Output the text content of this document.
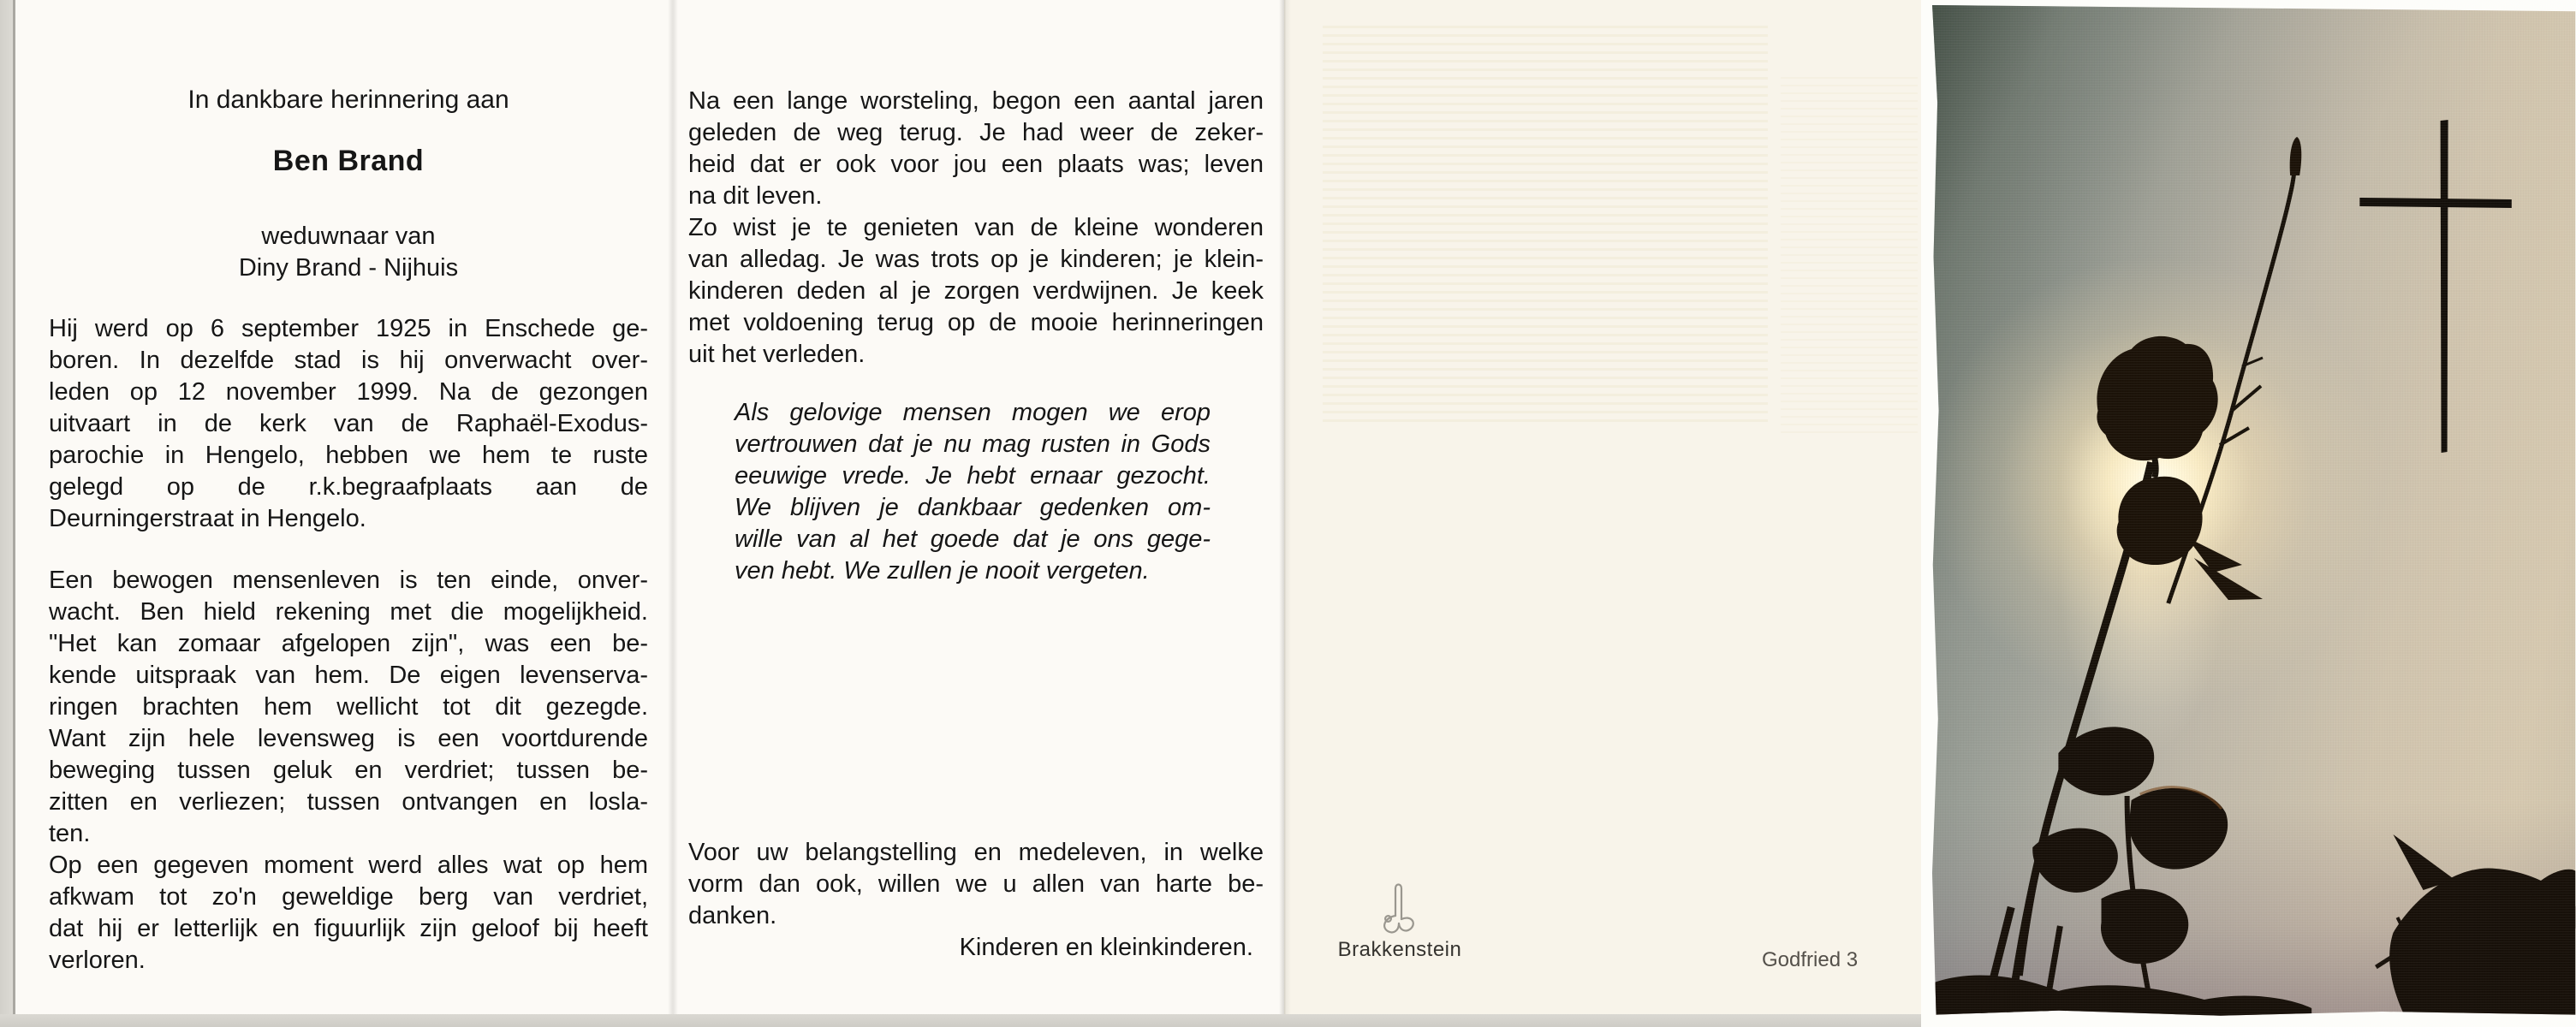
In dankbare herinnering aan
Ben Brand
weduwnaar van
Diny Brand - Nijhuis
Hij werd op 6 september 1925 in Enschede ge-
boren. In dezelfde stad is hij onverwacht over-
leden op 12 november 1999. Na de gezongen
uitvaart in de kerk van de Raphaël-Exodus-
parochie in Hengelo, hebben we hem te ruste
gelegd op de r.k.begraafplaats aan de
Deurningerstraat in Hengelo.
Een bewogen mensenleven is ten einde, onver-
wacht. Ben hield rekening met die mogelijkheid.
"Het kan zomaar afgelopen zijn", was een be-
kende uitspraak van hem. De eigen levenserva-
ringen brachten hem wellicht tot dit gezegde.
Want zijn hele levensweg is een voortdurende
beweging tussen geluk en verdriet; tussen be-
zitten en verliezen; tussen ontvangen en losla-
ten.
Op een gegeven moment werd alles wat op hem
afkwam tot zo'n geweldige berg van verdriet,
dat hij er letterlijk en figuurlijk zijn geloof bij heeft
verloren.
Na een lange worsteling, begon een aantal jaren
geleden de weg terug. Je had weer de zeker-
heid dat er ook voor jou een plaats was; leven
na dit leven.
Zo wist je te genieten van de kleine wonderen
van alledag. Je was trots op je kinderen; je klein-
kinderen deden al je zorgen verdwijnen. Je keek
met voldoening terug op de mooie herinneringen
uit het verleden.
Als gelovige mensen mogen we erop
vertrouwen dat je nu mag rusten in Gods
eeuwige vrede. Je hebt ernaar gezocht.
We blijven je dankbaar gedenken om-
wille van al het goede dat je ons gege-
ven hebt. We zullen je nooit vergeten.
Voor uw belangstelling en medeleven, in welke
vorm dan ook, willen we u allen van harte be-
danken.
Kinderen en kleinkinderen.	Brakkenstein	Godfried 3
